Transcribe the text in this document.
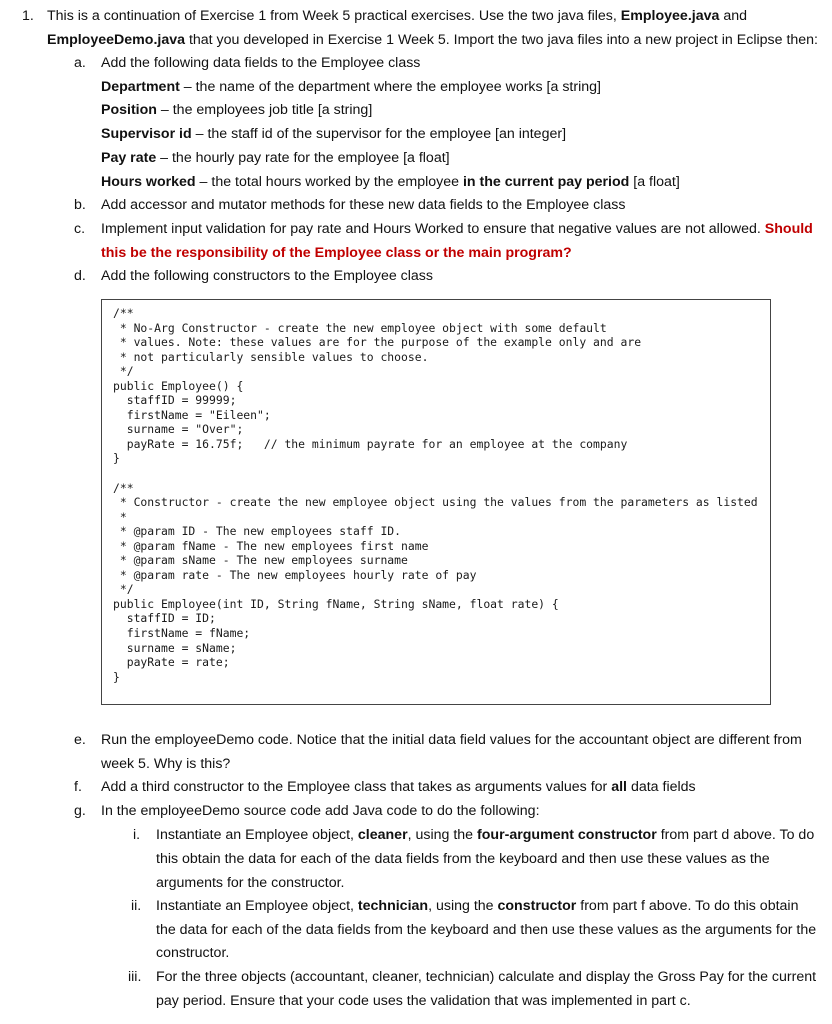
1. This is a continuation of Exercise 1 from Week 5 practical exercises. Use the two java files, Employee.java and
EmployeeDemo.java that you developed in Exercise 1 Week 5. Import the two java files into a new project in Eclipse then:
a. Add the following data fields to the Employee class
Department – the name of the department where the employee works [a string]
Position – the employees job title [a string]
Supervisor id – the staff id of the supervisor for the employee [an integer]
Pay rate – the hourly pay rate for the employee [a float]
Hours worked – the total hours worked by the employee in the current pay period [a float]
b. Add accessor and mutator methods for these new data fields to the Employee class
c. Implement input validation for pay rate and Hours Worked to ensure that negative values are not allowed. Should
this be the responsibility of the Employee class or the main program?
d. Add the following constructors to the Employee class
/**
* No-Arg Constructor - create the new employee object with some default
* values. Note: these values are for the purpose of the example only and are
* not particularly sensible values to choose.
*/
public Employee() {
staffID = 99999;
firstName = "Eileen";
surname = "Over";
payRate = 16.75f;   // the minimum payrate for an employee at the company
}

/**
* Constructor - create the new employee object using the values from the parameters as listed
*
* @param ID - The new employees staff ID.
* @param fName - The new employees first name
* @param sName - The new employees surname
* @param rate - The new employees hourly rate of pay
*/
public Employee(int ID, String fName, String sName, float rate) {
staffID = ID;
firstName = fName;
surname = sName;
payRate = rate;
}
e. Run the employeeDemo code. Notice that the initial data field values for the accountant object are different from
week 5. Why is this?
f. Add a third constructor to the Employee class that takes as arguments values for all data fields
g. In the employeeDemo source code add Java code to do the following:
i. Instantiate an Employee object, cleaner, using the four-argument constructor from part d above. To do
this obtain the data for each of the data fields from the keyboard and then use these values as the
arguments for the constructor.
ii. Instantiate an Employee object, technician, using the constructor from part f above. To do this obtain
the data for each of the data fields from the keyboard and then use these values as the arguments for the
constructor.
iii. For the three objects (accountant, cleaner, technician) calculate and display the Gross Pay for the current
pay period. Ensure that your code uses the validation that was implemented in part c.
